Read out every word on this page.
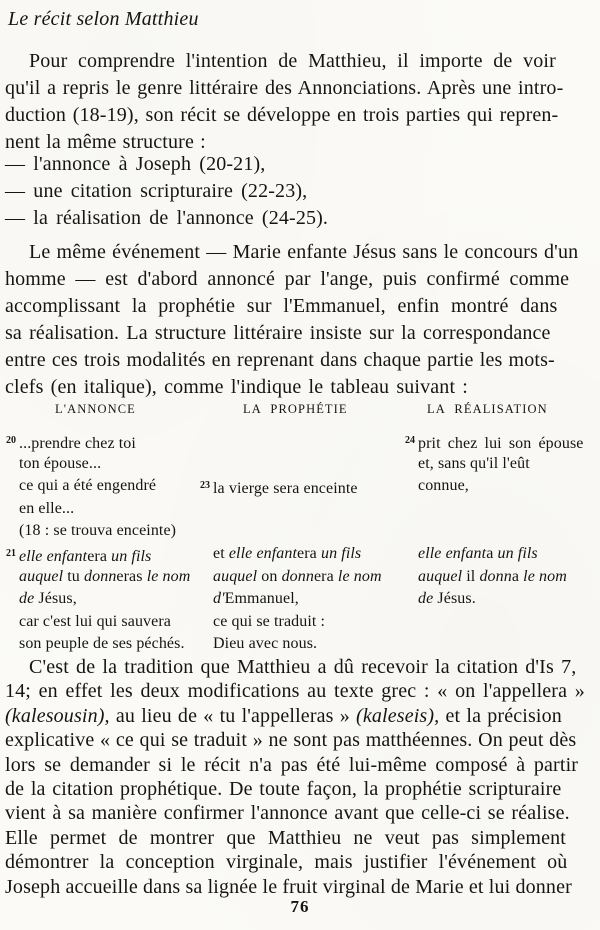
Le récit selon Matthieu
Pour comprendre l'intention de Matthieu, il importe de voir
qu'il a repris le genre littéraire des Annonciations. Après une intro-
duction (18-19), son récit se développe en trois parties qui repren-
nent la même structure :
— l'annonce à Joseph (20-21),
— une citation scripturaire (22-23),
— la réalisation de l'annonce (24-25).
Le même événement — Marie enfante Jésus sans le concours d'un
homme — est d'abord annoncé par l'ange, puis confirmé comme
accomplissant la prophétie sur l'Emmanuel, enfin montré dans
sa réalisation. La structure littéraire insiste sur la correspondance
entre ces trois modalités en reprenant dans chaque partie les mots-
clefs (en italique), comme l'indique le tableau suivant :
L'ANNONCE	LA PROPHÉTIE	LA RÉALISATION
$^{20}$ ...prendre chez toi
ton épouse...
ce qui a été engendré
en elle...
(18 : se trouva enceinte)
$^{21}$ elle enfantera un fils
auquel tu donneras le nom
de Jésus,
car c'est lui qui sauvera
son peuple de ses péchés.

$^{23}$ la vierge sera enceinte

et elle enfantera un fils
auquel on donnera le nom
d'Emmanuel,
ce qui se traduit :
Dieu avec nous.
$^{24}$ prit chez lui son épouse
et, sans qu'il l'eût
connue,

elle enfanta un fils
auquel il donna le nom
de Jésus.
C'est de la tradition que Matthieu a dû recevoir la citation d'Is 7,
14; en effet les deux modifications au texte grec : « on l'appellera »
(kalesousin), au lieu de « tu l'appelleras » (kaleseis), et la précision
explicative « ce qui se traduit » ne sont pas matthéennes. On peut dès
lors se demander si le récit n'a pas été lui-même composé à partir
de la citation prophétique. De toute façon, la prophétie scripturaire
vient à sa manière confirmer l'annonce avant que celle-ci se réalise.
Elle permet de montrer que Matthieu ne veut pas simplement
démontrer la conception virginale, mais justifier l'événement où
Joseph accueille dans sa lignée le fruit virginal de Marie et lui donner
76
